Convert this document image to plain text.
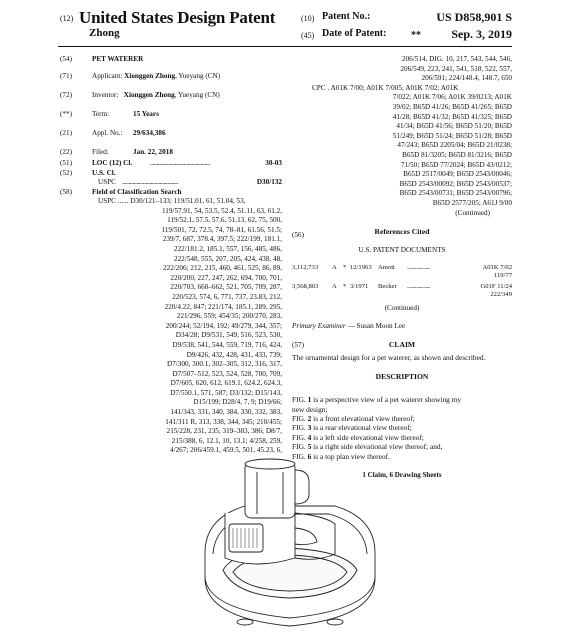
(12) United States Design Patent
Zhong
(10) Patent No.:	US D858,901 S
(45) Date of Patent: **	Sep. 3, 2019
(54)	PET WATERER
(71)	Applicant: Xionggen Zhong, Yueyang (CN)
(72)	Inventor: Xionggen Zhong, Yueyang (CN)
(**)	Term:	15 Years
(21)	Appl. No.: 29/634,386
(22)	Filed:	Jan. 22, 2018
(51)	LOC (12) Cl. ..............................................	30-03
(52)	U.S. Cl.
USPC ...........................................	D30/132
(58)	Field of Classification Search
USPC ...... D30/121–133; 119/51.01, 61, 51.04, 53,
119/57.91, 54, 53.5, 52.4, 51.11, 63, 61.2,
119/52.1, 57.5, 57.6, 51.13, 62, 75, 500,
119/501, 72, 72.5, 74, 78–81, 61.56, 51.5;
239/7, 687, 378.4, 397.5; 222/199, 181.1,
222/181.2, 185.1, 557, 156, 485, 486,
222/548, 555, 207, 205, 424, 438, 48,
222/206; 212, 215, 460, 461, 525, 86, 89,
220/200, 227, 247, 262, 694, 700, 701,
220/703, 660–662, 521, 705, 709, 287,
220/523, 574, 6, 771, 737, 23.83, 212,
220/4.22, 847; 221/174, 185.1, 289, 295,
221/296, 559; 454/35; 200/270, 283,
200/244; 52/194, 192; 49/279, 344, 357;
D34/28; D9/531, 549, 516, 523, 530,
D9/538, 541, 544, 559, 719, 716, 424,
D9/426, 432, 428, 431, 433, 739;
D7/300, 300.1, 302–305, 312, 316, 317,
D7/507–512, 523, 524, 528, 700, 709,
D7/605, 620, 612, 619.1, 624.2, 624.3,
D7/550.1, 571, 587; D3/132; D15/143,
D15/199; D28/4, 7, 9; D19/66;
141/343, 331, 340, 384, 330, 332, 383,
141/311 R, 313, 338, 344, 345; 210/455;
215/228, 231, 235, 319–383, 386; D8/7,
215/388, 6, 12.1, 10, 13.1; 4/258, 259,
4/267; 206/459.1, 459.5, 501, 45.23, 6,
206/514, DIG. 10, 217, 543, 544, 546,
206/549, 223, 241, 541, 518, 522, 557,
206/591; 224/148.4, 148.7, 650
CPC . A01K 7/00; A01K 7/005; A01K 7/02; A01K

7/022; A01K 7/06; A01K 39/0213; A01K
39/02; B65D 41/26; B65D 41/265; B65D
41/28; B65D 41/32; B65D 41/325; B65D
41/34; B65D 41/56; B65D 51/20; B65D
51/249; B65D 51/24; B65D 51/28; B65D
47/243; B65D 2205/04; B65D 21/0238;
B65D 81/3205; B65D 81/3216; B65D
71/50; B65D 77/2024; B65D 43/0212;
B65D 2517/0049; B65D 2543/00046;
B65D 2543/00092; B65D 2543/00537;
B65D 2543/00731; B65D 2543/00796;
B65D 2577/205; A61J 9/00
(Continued)
(56)	References Cited
U.S. PATENT DOCUMENTS
3,112,733 A * 12/1963 Amott ....................	A01K 7/02
119/77
3,568,803 A * 3/1971 Becker ....................	G01F 11/24
222/349
(Continued)
Primary Examiner — Susan Moon Lee
(57)	CLAIM
The ornamental design for a pet waterer, as shown and described.
DESCRIPTION
FIG. 1 is a perspective view of a pet waterer showing my
new design;
FIG. 2 is a front elevational view thereof;
FIG. 3 is a rear elevational view thereof;
FIG. 4 is a left side elevational view thereof;
FIG. 5 is a right side elevational view thereof; and,
FIG. 6 is a top plan view thereof.
1 Claim, 6 Drawing Sheets
